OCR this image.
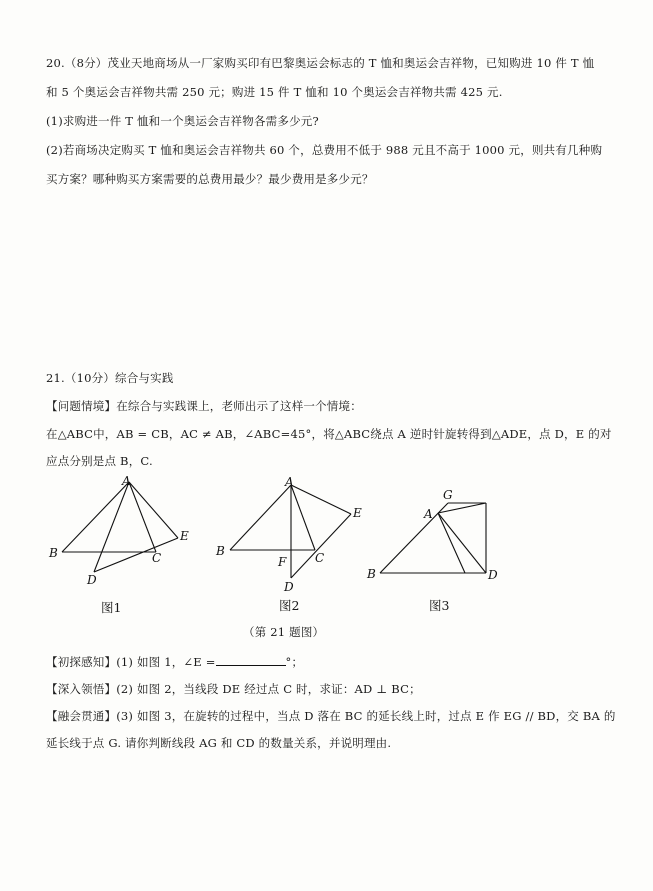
20.（8分）茂业天地商场从一厂家购买印有巴黎奥运会标志的 T 恤和奥运会吉祥物，已知购进 10 件 T 恤
和 5 个奥运会吉祥物共需 250 元；购进 15 件 T 恤和 10 个奥运会吉祥物共需 425 元.
(1)求购进一件 T 恤和一个奥运会吉祥物各需多少元?
(2)若商场决定购买 T 恤和奥运会吉祥物共 60 个，总费用不低于 988 元且不高于 1000 元，则共有几种购
买方案？哪种购买方案需要的总费用最少？最少费用是多少元？
21.（10分）综合与实践
【问题情境】在综合与实践课上，老师出示了这样一个情境：
在△ABC中，AB = CB，AC ≠ AB，∠ABC=45°，将△ABC绕点 A 逆时针旋转得到△ADE，点 D，E 的对
应点分别是点 B，C.
A
B	C
D
E
A
B
F C
D
E
G
A
B	D
图1	图2	图3
（第 21 题图）
【初探感知】(1) 如图 1，∠E =	°；
【深入领悟】(2) 如图 2，当线段 DE 经过点 C 时，求证：AD ⊥ BC；
【融会贯通】(3) 如图 3，在旋转的过程中，当点 D 落在 BC 的延长线上时，过点 E 作 EG // BD，交 BA 的
延长线于点 G. 请你判断线段 AG 和 CD 的数量关系，并说明理由.
